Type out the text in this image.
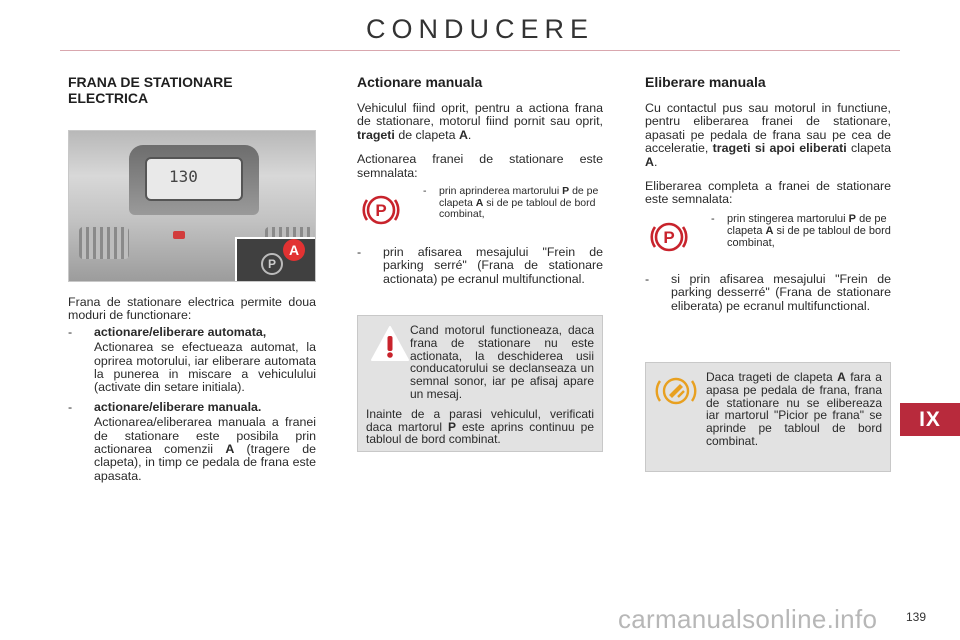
CONDUCERE
FRANA DE STATIONARE ELECTRICA
130
P
A

Frana de stationare electrica permite doua moduri de functionare:

- actionare/eliberare automata,
Actionarea se efectueaza automat, la oprirea motorului, iar eliberare automata la punerea in miscare a vehiculului (activate din setare initiala).
- actionare/eliberare manuala.
Actionarea/eliberarea manuala a franei de stationare este posibila prin actionarea comenzii A (tragere de clapeta), in timp ce pedala de frana este apasata.
Actionare manuala

Vehiculul fiind oprit, pentru a actiona frana de stationare, motorul fiind pornit sau oprit, trageti de clapeta A.

Actionarea franei de stationare este semnalata:

P
-	prin aprinderea martorului P de pe clapeta A si de pe tabloul de bord combinat,
- prin afisarea mesajului "Frein de parking serré" (Frana de stationare actionata) pe ecranul multifunctional.

Cand motorul functioneaza, daca frana de stationare nu este actionata, la deschiderea usii conducatorului se declanseaza un semnal sonor, iar pe afisaj apare un mesaj.

Inainte de a parasi vehiculul, verificati daca martorul P este aprins continuu pe tabloul de bord combinat.

Eliberare manuala

Cu contactul pus sau motorul in functiune, pentru eliberarea franei de stationare, apasati pe pedala de frana sau pe cea de acceleratie, trageti si apoi eliberati clapeta A.

Eliberarea completa a franei de stationare este semnalata:

P
-	prin stingerea martorului P de pe clapeta A si de pe tabloul de bord combinat,
- si prin afisarea mesajului "Frein de parking desserré" (Frana de stationare eliberata) pe ecranul multifunctional.
Daca trageti de clapeta A fara a apasa pe pedala de frana, frana de stationare nu se elibereaza iar martorul "Picior pe frana" se aprinde pe tabloul de bord combinat.
IX
carmanualsonline.info 139
